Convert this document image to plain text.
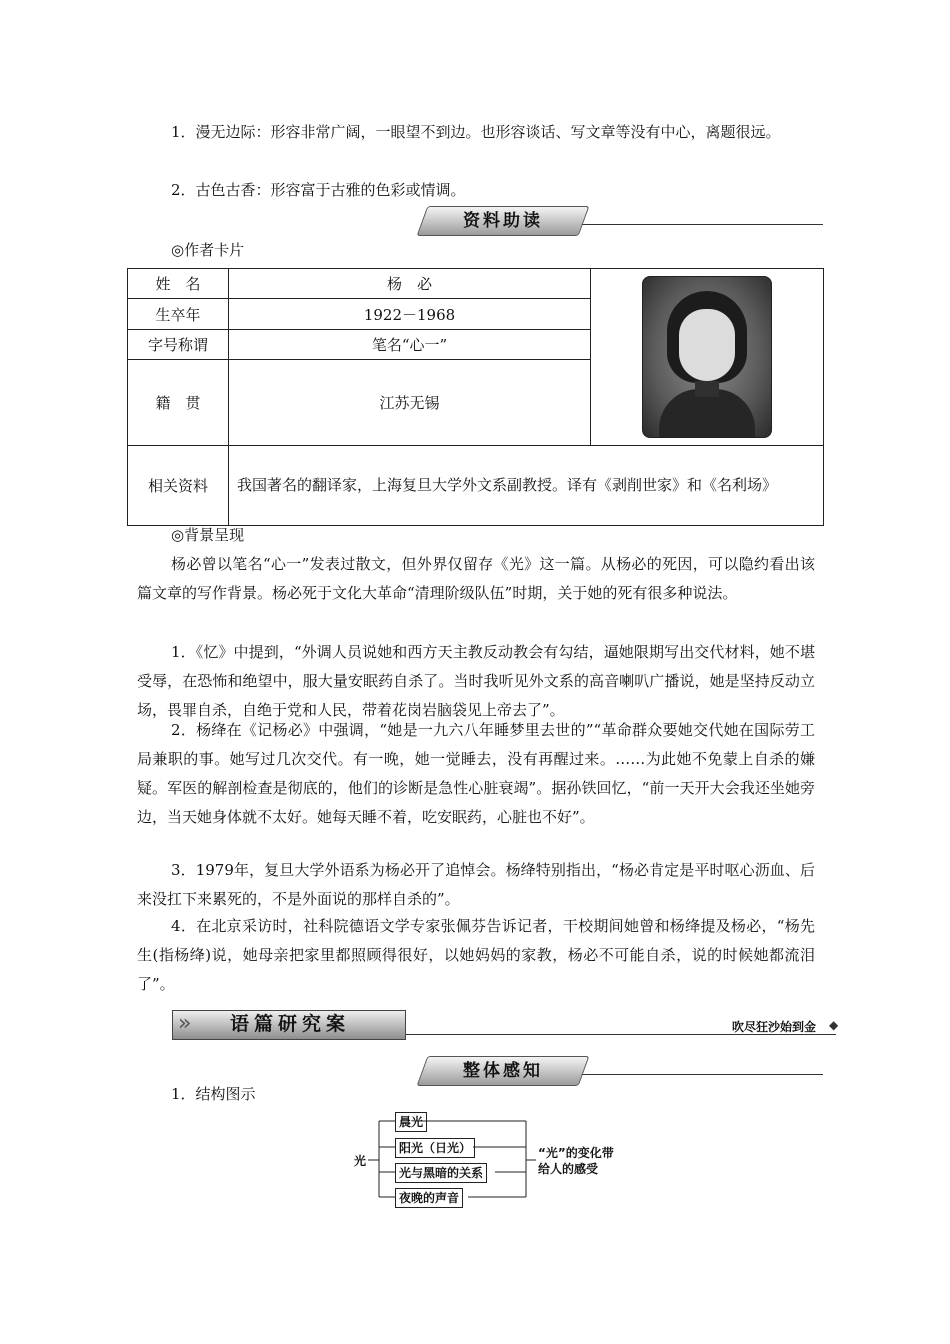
1．漫无边际：形容非常广阔，一眼望不到边。也形容谈话、写文章等没有中心，离题很远。

2．古色古香：形容富于古雅的色彩或情调。

资料助读

◎作者卡片

姓　名	杨　必	

生卒年	1922－1968	
字号称谓	笔名“心一”	
籍　贯	江苏无锡	
相关资料	我国著名的翻译家，上海复旦大学外文系副教授。译有《剥削世家》和《名利场》	

◎背景呈现

杨必曾以笔名“心一”发表过散文，但外界仅留存《光》这一篇。从杨必的死因，可以隐约看出该篇文章的写作背景。杨必死于文化大革命“清理阶级队伍”时期，关于她的死有很多种说法。

1．《忆》中提到，“外调人员说她和西方天主教反动教会有勾结，逼她限期写出交代材料，她不堪受辱，在恐怖和绝望中，服大量安眠药自杀了。当时我听见外文系的高音喇叭广播说，她是坚持反动立场，畏罪自杀，自绝于党和人民，带着花岗岩脑袋见上帝去了”。

2．杨绛在《记杨必》中强调，“她是一九六八年睡梦里去世的”“革命群众要她交代她在国际劳工局兼职的事。她写过几次交代。有一晚，她一觉睡去，没有再醒过来。……为此她不免蒙上自杀的嫌疑。军医的解剖检查是彻底的，他们的诊断是急性心脏衰竭”。据孙铁回忆，“前一天开大会我还坐她旁边，当天她身体就不太好。她每天睡不着，吃安眠药，心脏也不好”。

3．1979年，复旦大学外语系为杨必开了追悼会。杨绛特别指出，“杨必肯定是平时呕心沥血、后来没扛下来累死的，不是外面说的那样自杀的”。

4．在北京采访时，社科院德语文学专家张佩芬告诉记者，干校期间她曾和杨绛提及杨必，“杨先生(指杨绛)说，她母亲把家里都照顾得很好，以她妈妈的家教，杨必不可能自杀，说的时候她都流泪了”。

» 语篇研究案	吹尽狂沙始到金 ◆
整体感知

1．结构图示

光
晨光
阳光（日光）
光与黑暗的关系
夜晚的声音
“光”的变化带
给人的感受
